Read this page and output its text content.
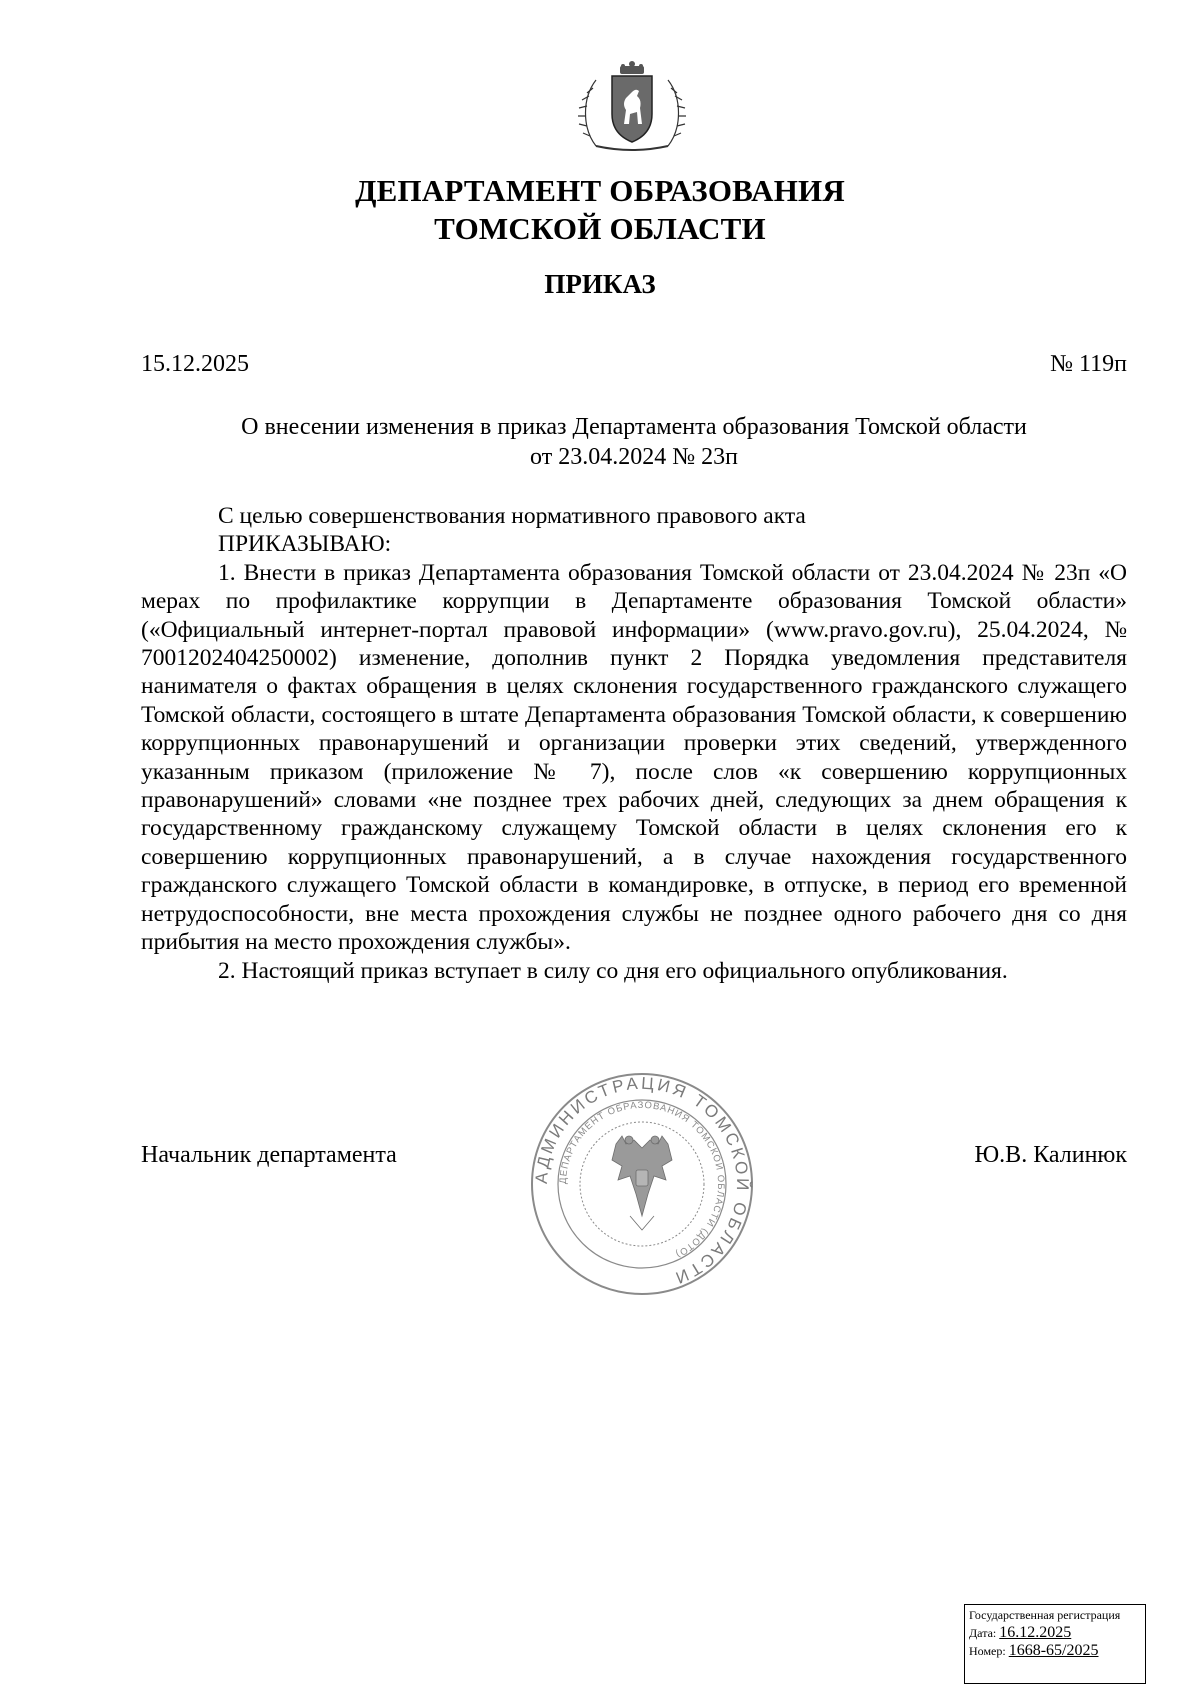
ДЕПАРТАМЕНТ ОБРАЗОВАНИЯ
ТОМСКОЙ ОБЛАСТИ
ПРИКАЗ
15.12.2025	№ 119п
О внесении изменения в приказ Департамента образования Томской области
от 23.04.2024 № 23п

С целью совершенствования нормативного правового акта

ПРИКАЗЫВАЮ:

1. Внести в приказ Департамента образования Томской области от 23.04.2024 № 23п «О мерах по профилактике коррупции в Департаменте образования Томской области» («Официальный интернет-портал правовой информации» (www.pravo.gov.ru), 25.04.2024, № 7001202404250002) изменение, дополнив пункт 2 Порядка уведомления представителя нанимателя о фактах обращения в целях склонения государственного гражданского служащего Томской области, состоящего в штате Департамента образования Томской области, к совершению коррупционных правонарушений и организации проверки этих сведений, утвержденного указанным приказом (приложение № 7), после слов «к совершению коррупционных правонарушений» словами «не позднее трех рабочих дней, следующих за днем обращения к государственному гражданскому служащему Томской области в целях склонения его к совершению коррупционных правонарушений, а в случае нахождения государственного гражданского служащего Томской области в командировке, в отпуске, в период его временной нетрудоспособности, вне места прохождения службы не позднее одного рабочего дня со дня прибытия на место прохождения службы».

2. Настоящий приказ вступает в силу со дня его официального опубликования.

Начальник департамента	Ю.В. Калинюк
АДМИНИСТРАЦИЯ ТОМСКОЙ ОБЛАСТИ
ДЕПАРТАМЕНТ ОБРАЗОВАНИЯ ТОМСКОЙ ОБЛАСТИ (ДОТО)
Государственная регистрация
Дата: 16.12.2025
Номер: 1668-65/2025
